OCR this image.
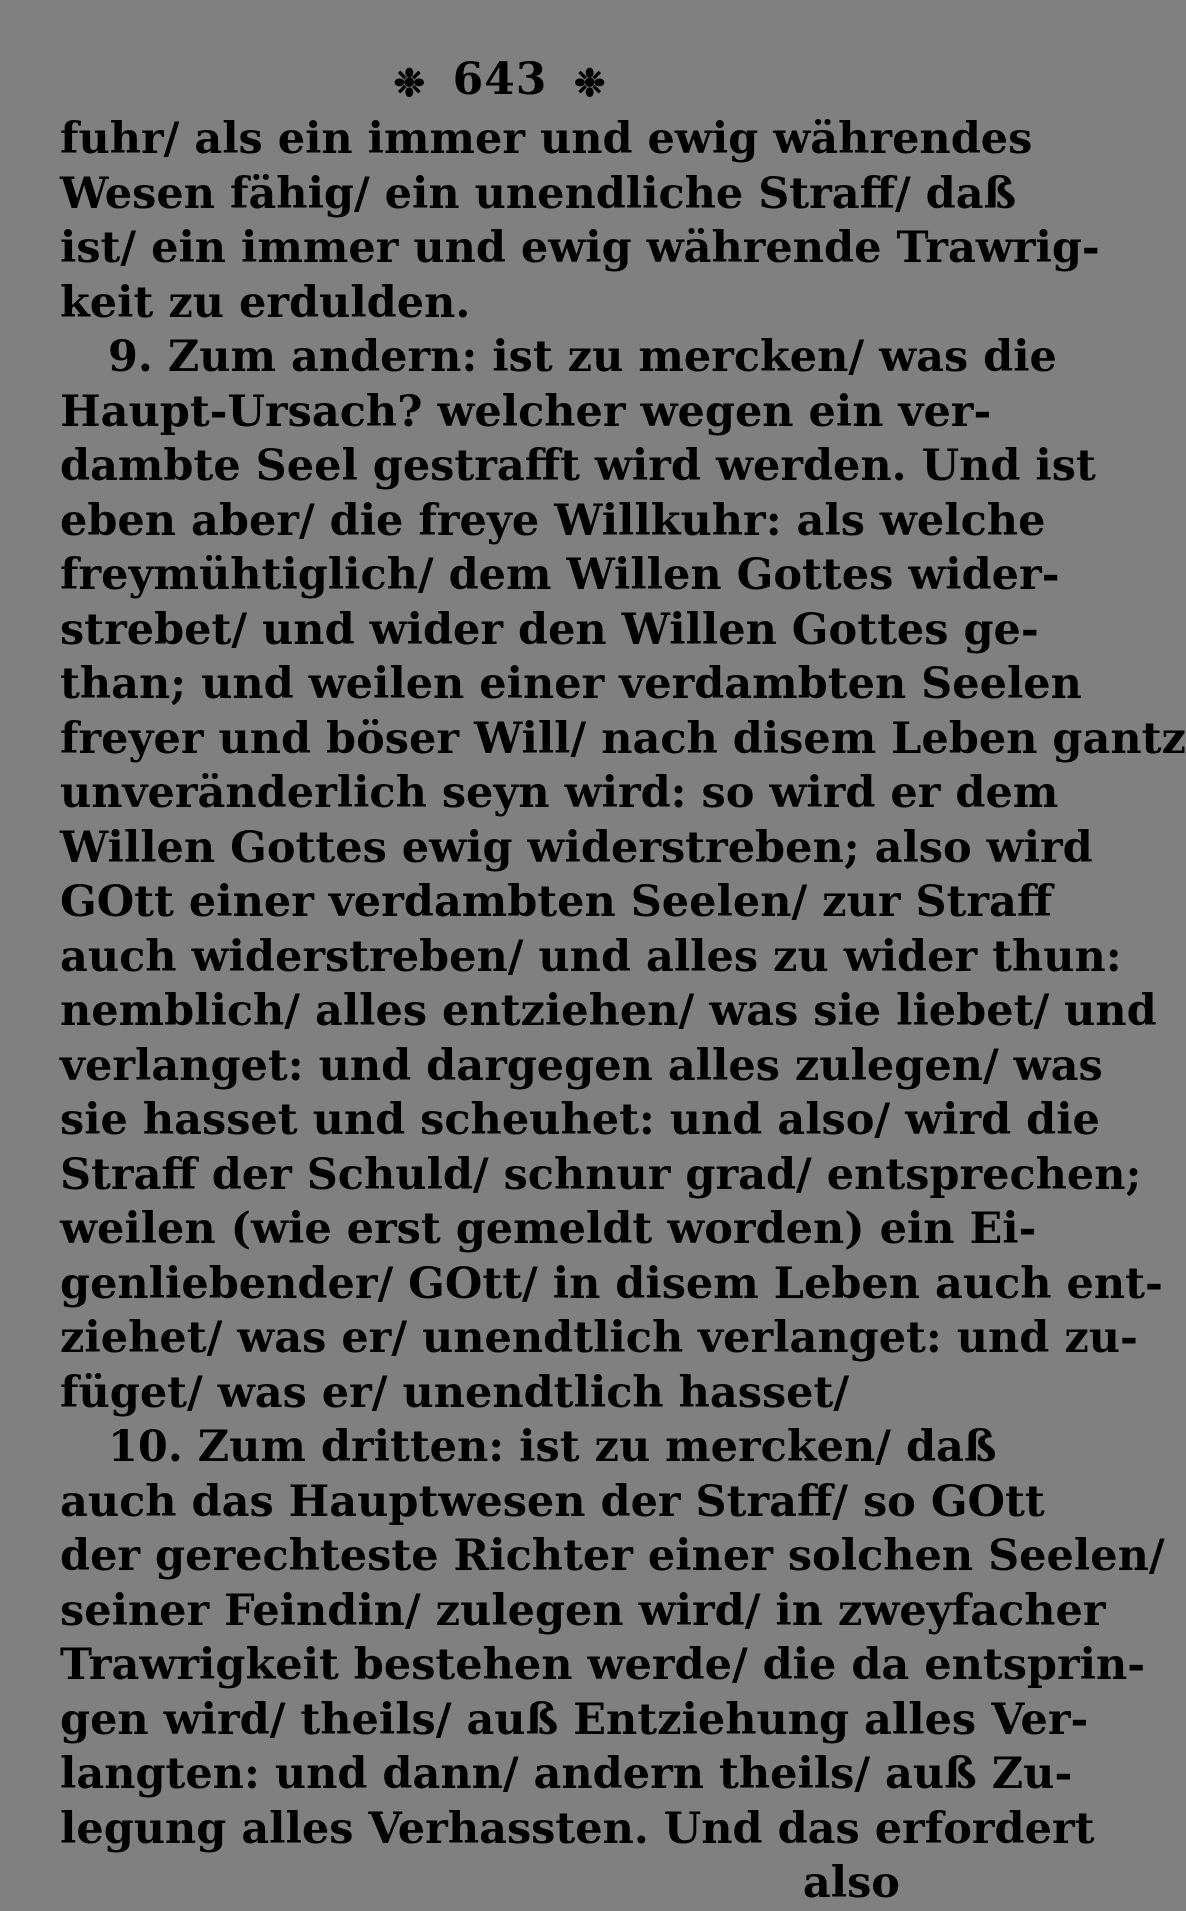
❉ 643 ❉
fuhr/ als ein immer und ewig währendes
Wesen fähig/ ein unendliche Straff/ daß
ist/ ein immer und ewig währende Trawrig-
keit zu erdulden.
9. Zum andern: ist zu mercken/ was die
Haupt-Ursach? welcher wegen ein ver-
dambte Seel gestrafft wird werden. Und ist
eben aber/ die freye Willkuhr: als welche
freymühtiglich/ dem Willen Gottes wider-
strebet/ und wider den Willen Gottes ge-
than; und weilen einer verdambten Seelen
freyer und böser Will/ nach disem Leben gantz
unveränderlich seyn wird: so wird er dem
Willen Gottes ewig widerstreben; also wird
GOtt einer verdambten Seelen/ zur Straff
auch widerstreben/ und alles zu wider thun:
nemblich/ alles entziehen/ was sie liebet/ und
verlanget: und dargegen alles zulegen/ was
sie hasset und scheuhet: und also/ wird die
Straff der Schuld/ schnur grad/ entsprechen;
weilen (wie erst gemeldt worden) ein Ei-
genliebender/ GOtt/ in disem Leben auch ent-
ziehet/ was er/ unendtlich verlanget: und zu-
füget/ was er/ unendtlich hasset/
10. Zum dritten: ist zu mercken/ daß
auch das Hauptwesen der Straff/ so GOtt
der gerechteste Richter einer solchen Seelen/
seiner Feindin/ zulegen wird/ in zweyfacher
Trawrigkeit bestehen werde/ die da entsprin-
gen wird/ theils/ auß Entziehung alles Ver-
langten: und dann/ andern theils/ auß Zu-
legung alles Verhassten. Und das erfordert
also
